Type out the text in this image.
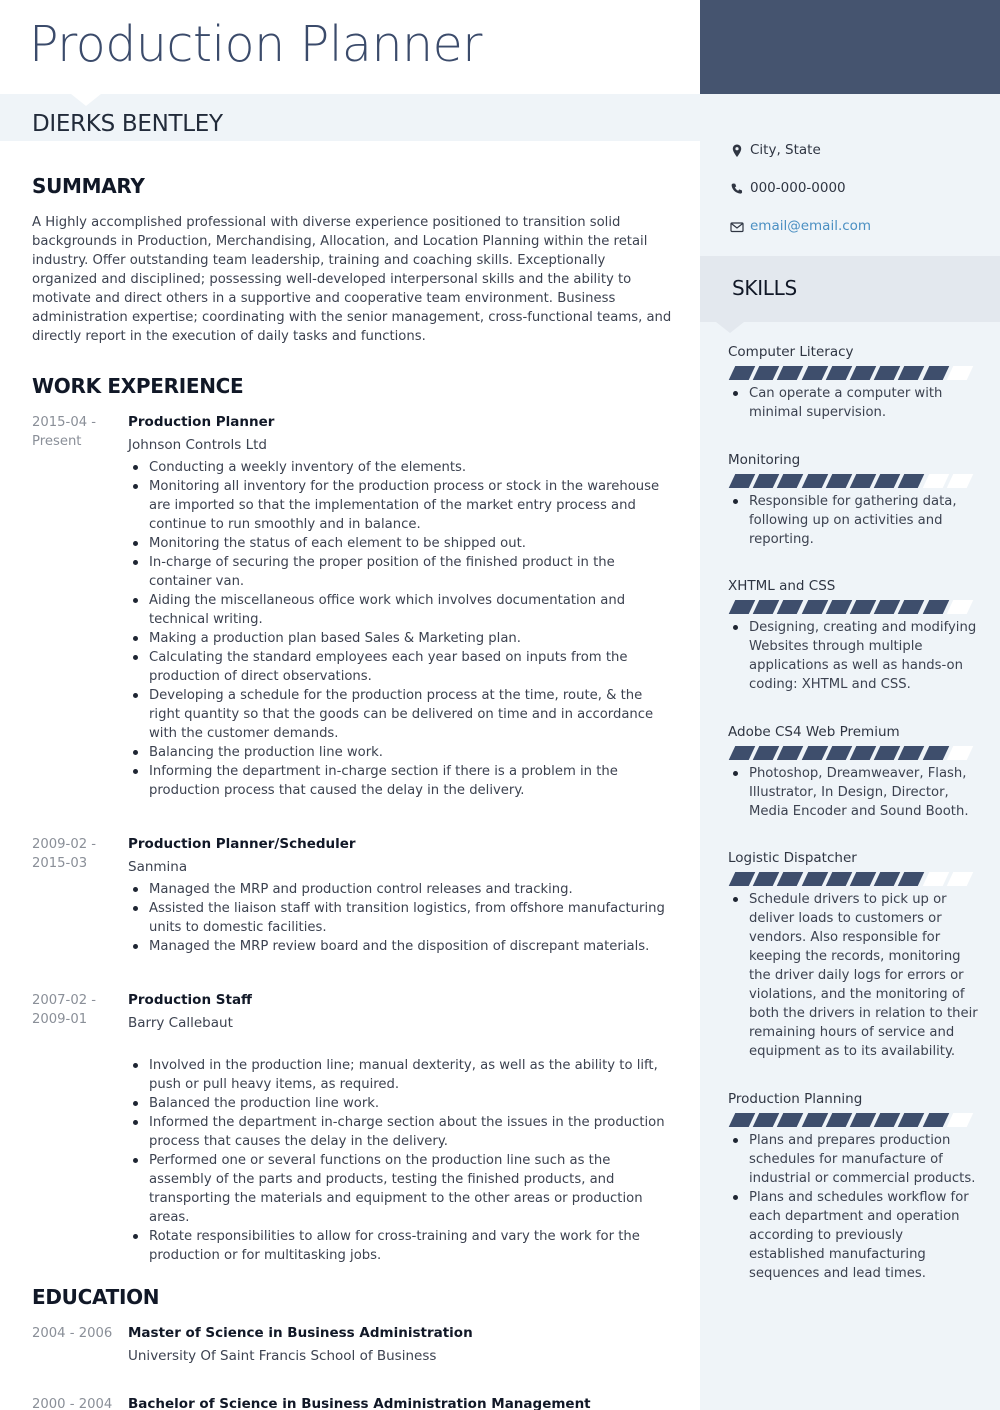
Production Planner
DIERKS BENTLEY
SUMMARY
A Highly accomplished professional with diverse experience positioned to transition solid backgrounds in Production, Merchandising, Allocation, and Location Planning within the retail industry. Offer outstanding team leadership, training and coaching skills. Exceptionally organized and disciplined; possessing well-developed interpersonal skills and the ability to motivate and direct others in a supportive and cooperative team environment. Business administration expertise; coordinating with the senior management, cross-functional teams, and directly report in the execution of daily tasks and functions.
WORK EXPERIENCE
2015-04 -
Present
Production Planner
Johnson Controls Ltd
Conducting a weekly inventory of the elements.
Monitoring all inventory for the production process or stock in the warehouse are imported so that the implementation of the market entry process and continue to run smoothly and in balance.
Monitoring the status of each element to be shipped out.
In-charge of securing the proper position of the finished product in the container van.
Aiding the miscellaneous office work which involves documentation and technical writing.
Making a production plan based Sales & Marketing plan.
Calculating the standard employees each year based on inputs from the production of direct observations.
Developing a schedule for the production process at the time, route, & the right quantity so that the goods can be delivered on time and in accordance with the customer demands.
Balancing the production line work.
Informing the department in-charge section if there is a problem in the production process that caused the delay in the delivery.
2009-02 -
2015-03
Production Planner/Scheduler
Sanmina
Managed the MRP and production control releases and tracking.
Assisted the liaison staff with transition logistics, from offshore manufacturing units to domestic facilities.
Managed the MRP review board and the disposition of discrepant materials.
2007-02 -
2009-01
Production Staff
Barry Callebaut
Involved in the production line; manual dexterity, as well as the ability to lift, push or pull heavy items, as required.
Balanced the production line work.
Informed the department in-charge section about the issues in the production process that causes the delay in the delivery.
Performed one or several functions on the production line such as the assembly of the parts and products, testing the finished products, and transporting the materials and equipment to the other areas or production areas.
Rotate responsibilities to allow for cross-training and vary the work for the production or for multitasking jobs.
EDUCATION
2004 - 2006	Master of Science in Business Administration
University Of Saint Francis School of Business
2000 - 2004	Bachelor of Science in Business Administration Management
City, State
000-000-0000
email@email.com
SKILLS
Computer Literacy
Can operate a computer with minimal supervision.
Monitoring
Responsible for gathering data, following up on activities and reporting.
XHTML and CSS
Designing, creating and modifying Websites through multiple applications as well as hands-on coding: XHTML and CSS.
Adobe CS4 Web Premium
Photoshop, Dreamweaver, Flash, Illustrator, In Design, Director, Media Encoder and Sound Booth.
Logistic Dispatcher
Schedule drivers to pick up or deliver loads to customers or vendors. Also responsible for keeping the records, monitoring the driver daily logs for errors or violations, and the monitoring of both the drivers in relation to their remaining hours of service and equipment as to its availability.
Production Planning
Plans and prepares production schedules for manufacture of industrial or commercial products.
Plans and schedules workflow for each department and operation according to previously established manufacturing sequences and lead times.
